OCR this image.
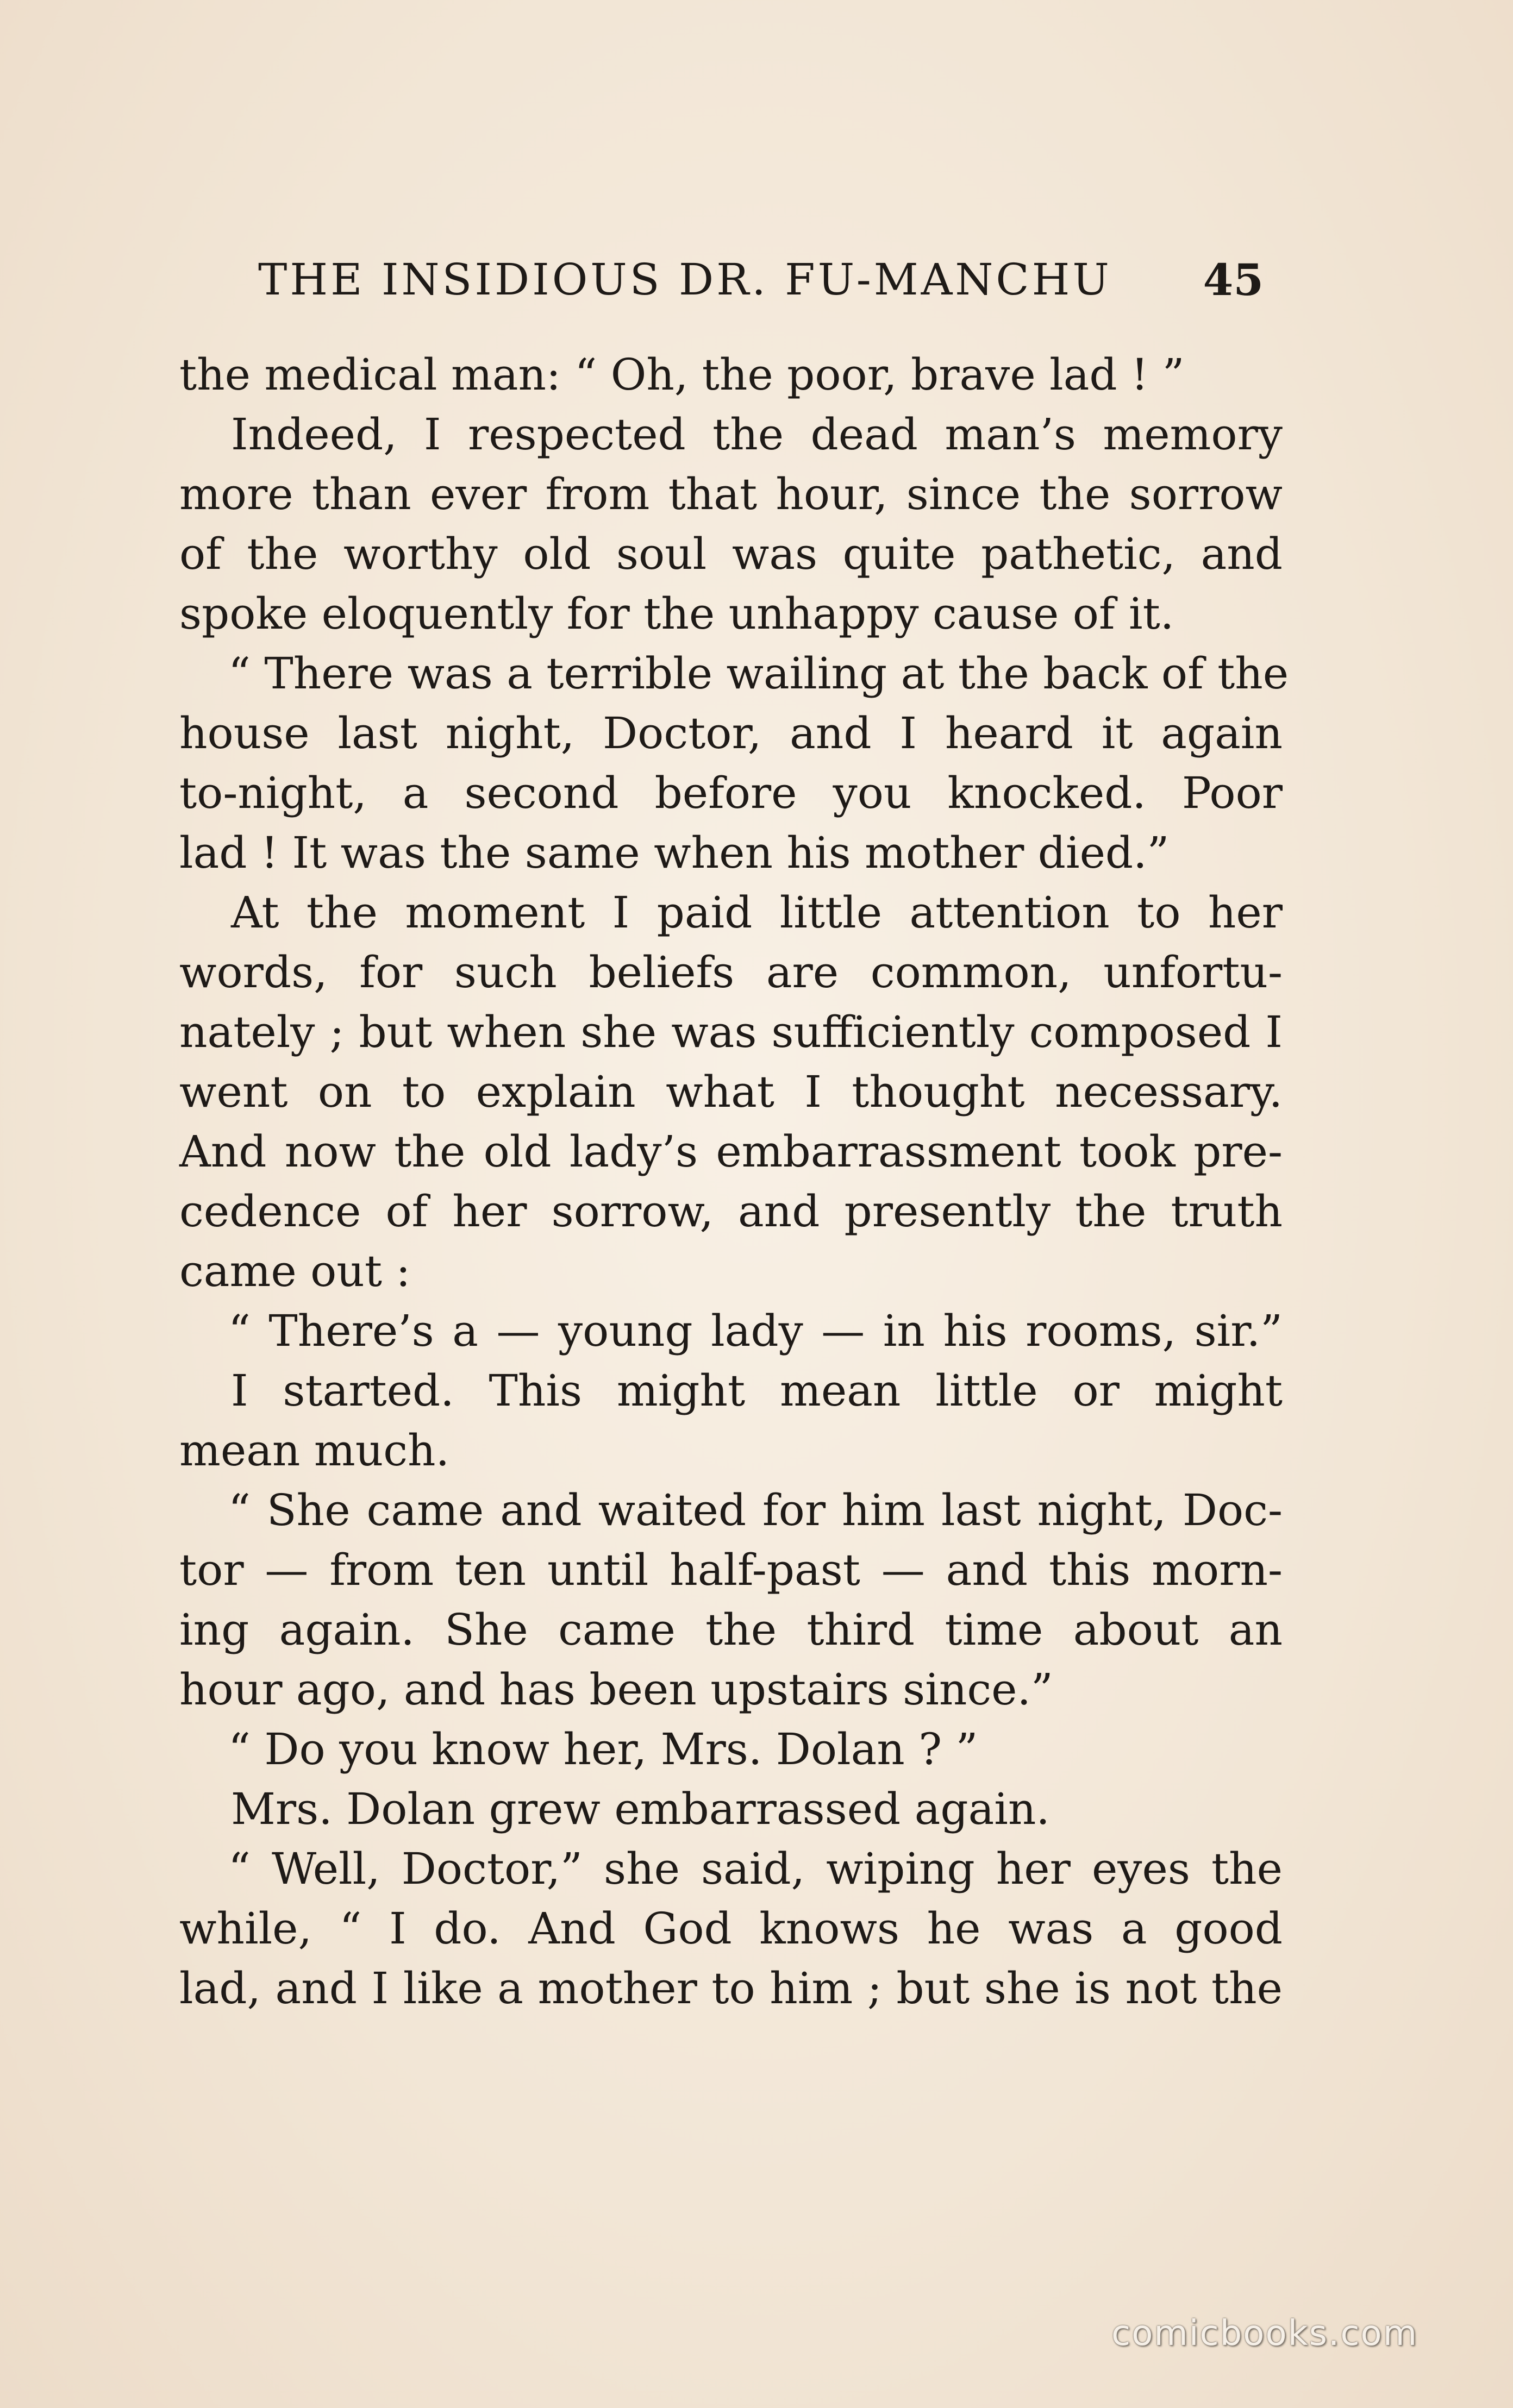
THE INSIDIOUS DR. FU-MANCHU 45
the medical man: “ Oh, the poor, brave lad ! ”
Indeed, I respected the dead man’s memory
more than ever from that hour, since the sorrow
of the worthy old soul was quite pathetic, and
spoke eloquently for the unhappy cause of it.
“ There was a terrible wailing at the back of the
house last night, Doctor, and I heard it again
to-night, a second before you knocked. Poor
lad ! It was the same when his mother died.”
At the moment I paid little attention to her
words, for such beliefs are common, unfortu-
nately ; but when she was sufficiently composed I
went on to explain what I thought necessary.
And now the old lady’s embarrassment took pre-
cedence of her sorrow, and presently the truth
came out :
“ There’s a — young lady — in his rooms, sir.”
I started. This might mean little or might
mean much.
“ She came and waited for him last night, Doc-
tor — from ten until half-past — and this morn-
ing again. She came the third time about an
hour ago, and has been upstairs since.”
“ Do you know her, Mrs. Dolan ? ”
Mrs. Dolan grew embarrassed again.
“ Well, Doctor,” she said, wiping her eyes the
while, “ I do. And God knows he was a good
lad, and I like a mother to him ; but she is not the
comicbooks.com
